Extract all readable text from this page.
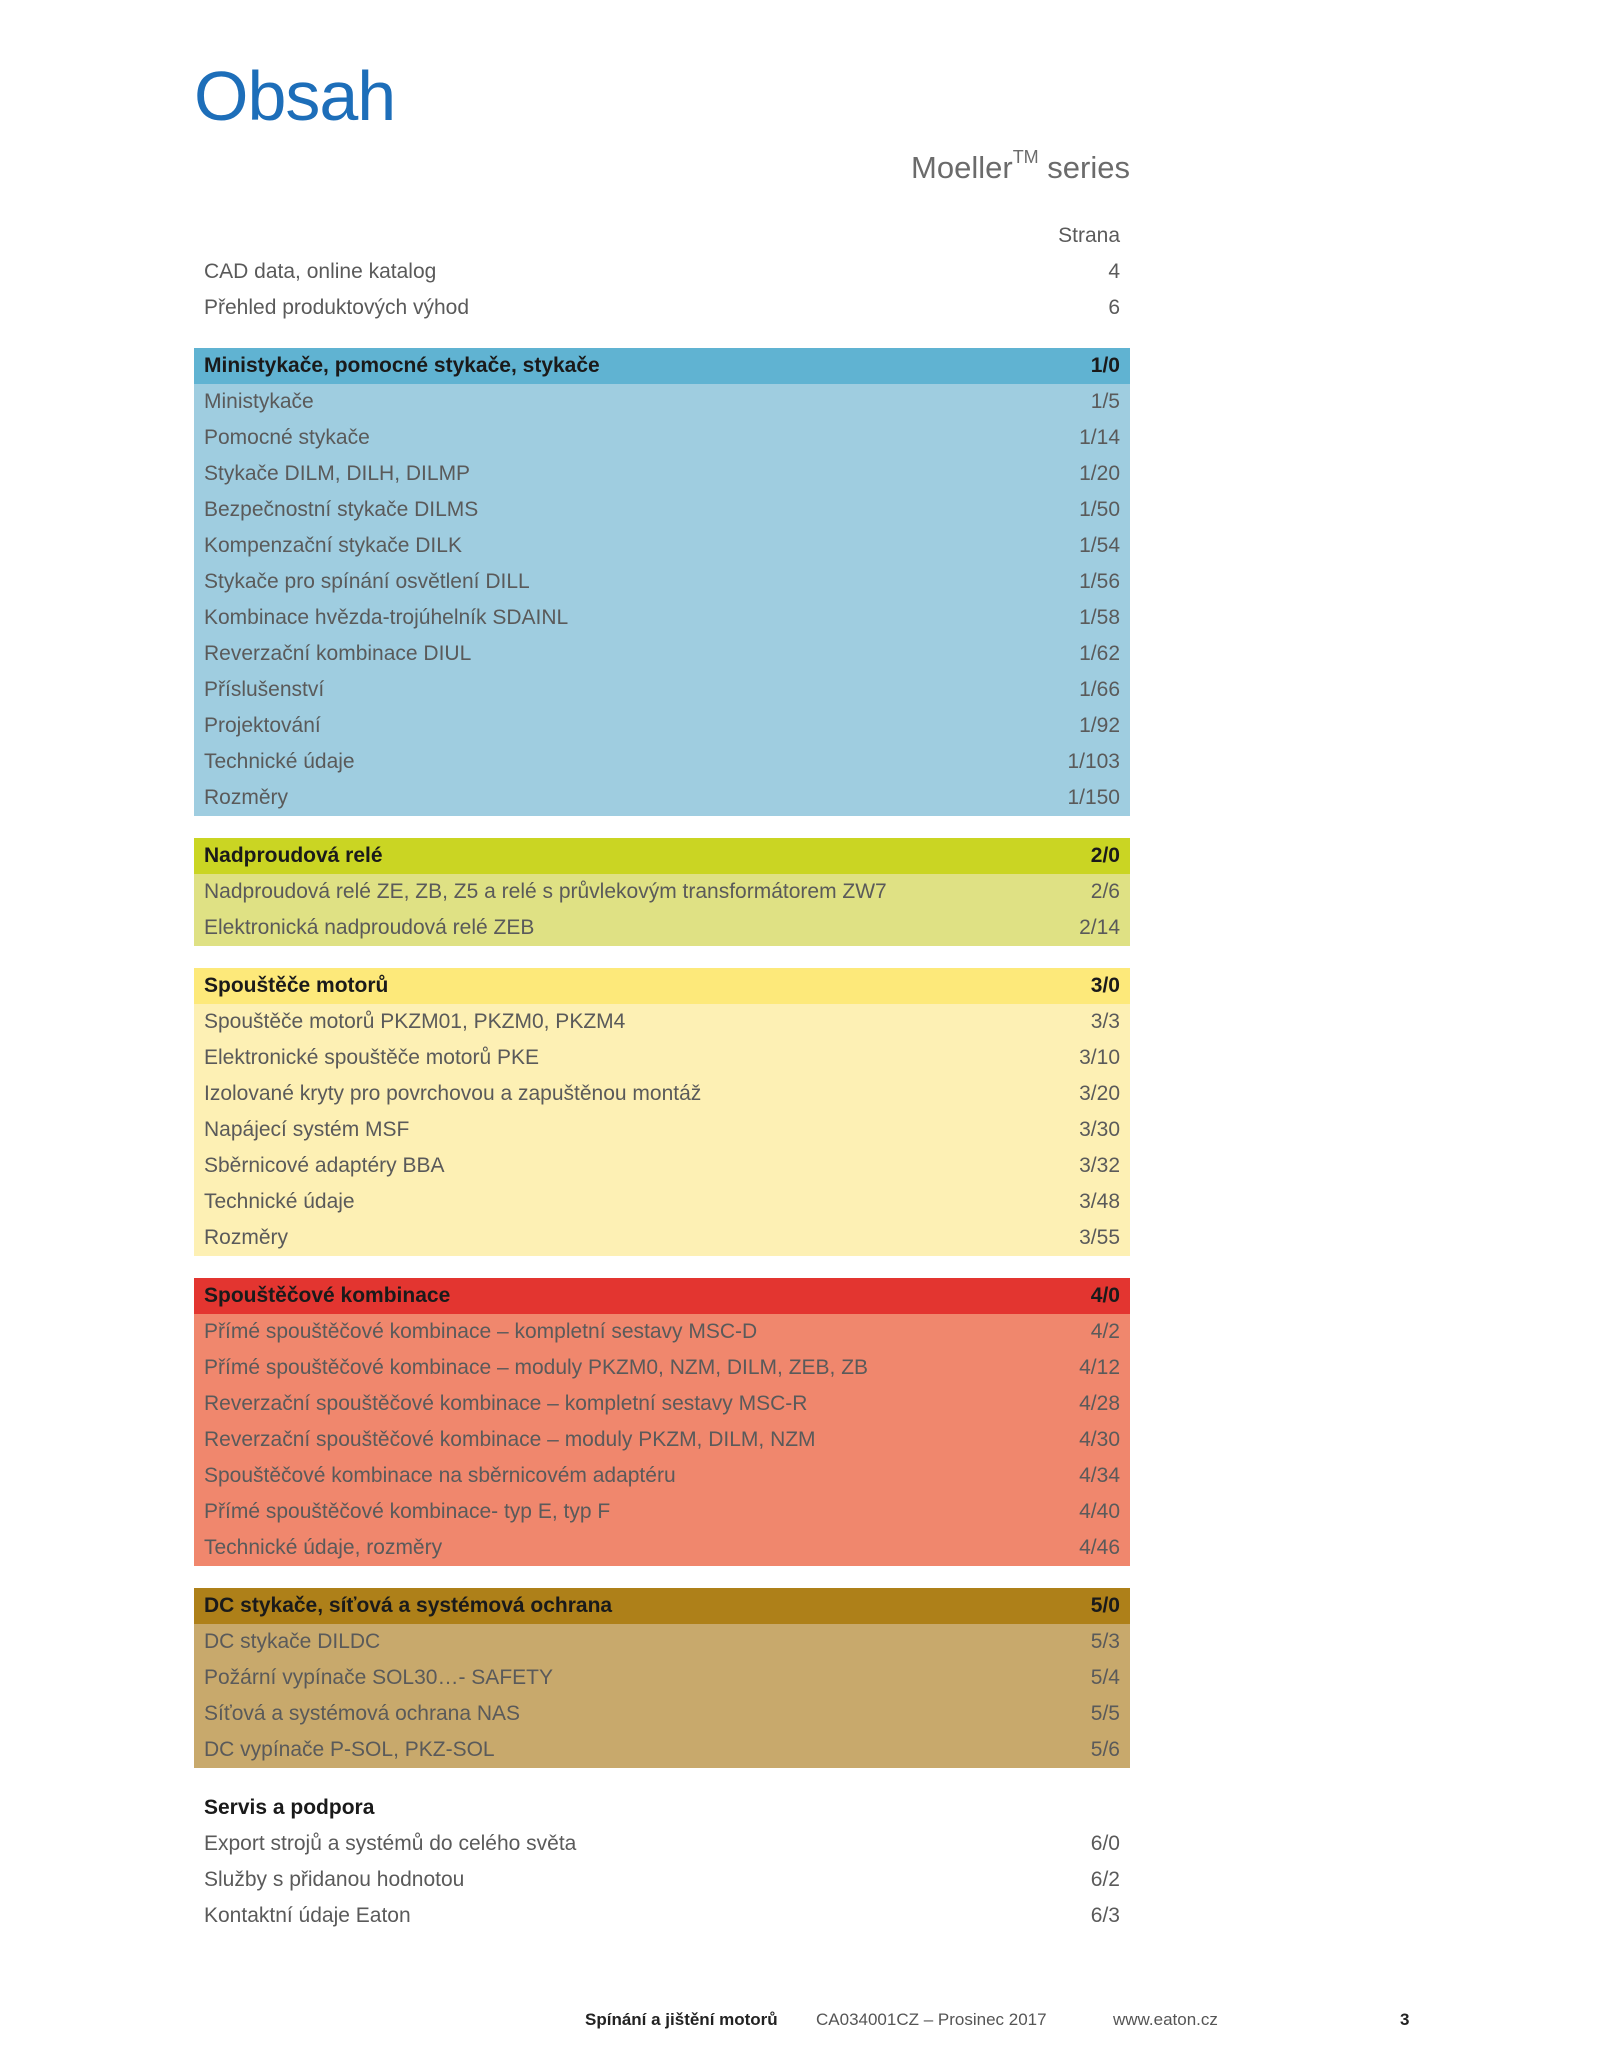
Obsah
Moeller™ series
Strana
CAD data, online katalog	4
Přehled produktových výhod	6
Ministykače, pomocné stykače, stykače	1/0
Ministykače	1/5
Pomocné stykače	1/14
Stykače DILM, DILH, DILMP	1/20
Bezpečnostní stykače DILMS	1/50
Kompenzační stykače DILK	1/54
Stykače pro spínání osvětlení DILL	1/56
Kombinace hvězda-trojúhelník SDAINL	1/58
Reverzační kombinace DIUL	1/62
Příslušenství	1/66
Projektování	1/92
Technické údaje	1/103
Rozměry	1/150
Nadproudová relé	2/0
Nadproudová relé ZE, ZB, Z5 a relé s průvlekovým transformátorem ZW7	2/6
Elektronická nadproudová relé ZEB	2/14
Spouštěče motorů	3/0
Spouštěče motorů PKZM01, PKZM0, PKZM4	3/3
Elektronické spouštěče motorů PKE	3/10
Izolované kryty pro povrchovou a zapuštěnou montáž	3/20
Napájecí systém MSF	3/30
Sběrnicové adaptéry BBA	3/32
Technické údaje	3/48
Rozměry	3/55
Spouštěčové kombinace	4/0
Přímé spouštěčové kombinace – kompletní sestavy MSC-D	4/2
Přímé spouštěčové kombinace – moduly PKZM0, NZM, DILM, ZEB, ZB	4/12
Reverzační spouštěčové kombinace – kompletní sestavy MSC-R	4/28
Reverzační spouštěčové kombinace – moduly PKZM, DILM, NZM	4/30
Spouštěčové kombinace na sběrnicovém adaptéru	4/34
Přímé spouštěčové kombinace- typ E, typ F	4/40
Technické údaje, rozměry	4/46
DC stykače, síťová a systémová ochrana	5/0
DC stykače DILDC	5/3
Požární vypínače SOL30…- SAFETY	5/4
Síťová a systémová ochrana NAS	5/5
DC vypínače P-SOL, PKZ-SOL	5/6
Servis a podpora
Export strojů a systémů do celého světa	6/0
Služby s přidanou hodnotou	6/2
Kontaktní údaje Eaton	6/3
Spínání a jištění motorů CA034001CZ – Prosinec 2017	www.eaton.cz	3
